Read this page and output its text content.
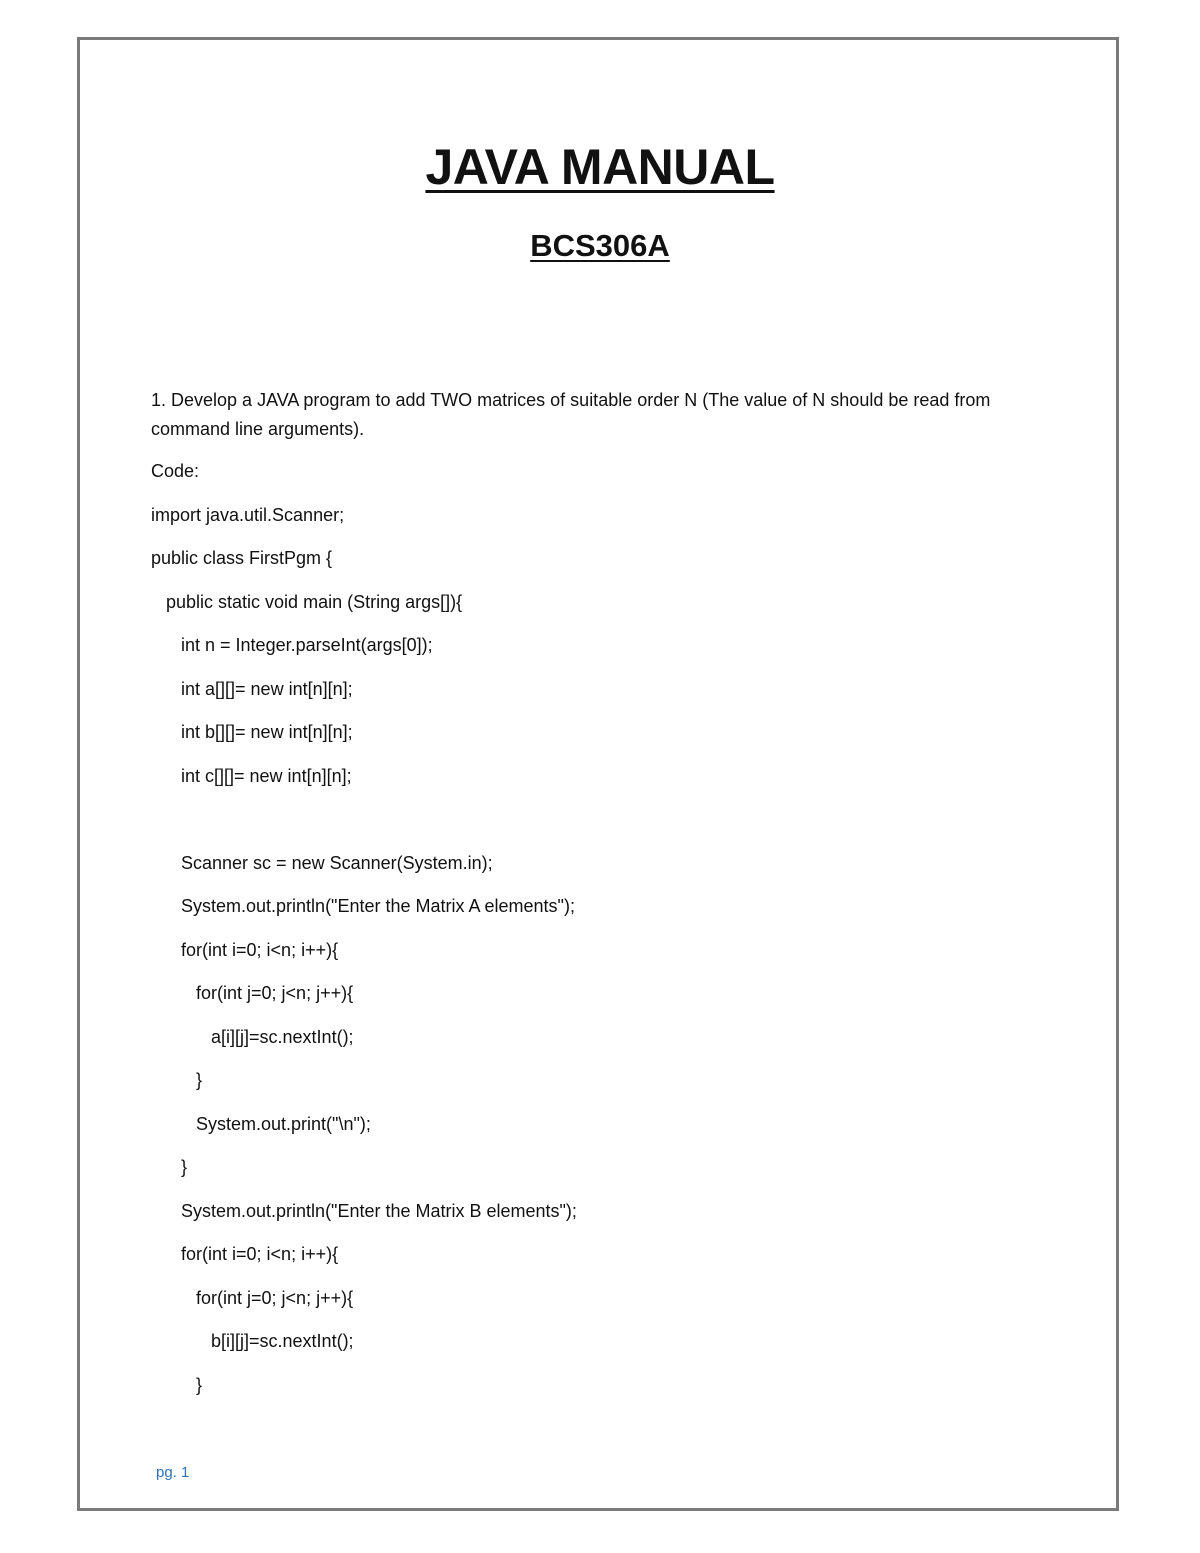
JAVA MANUAL
BCS306A
1. Develop a JAVA program to add TWO matrices of suitable order N (The value of N should be read from command line arguments).
Code:
import java.util.Scanner;
public class FirstPgm {
public static void main (String args[]){
int n = Integer.parseInt(args[0]);
int a[][]= new int[n][n];
int b[][]= new int[n][n];
int c[][]= new int[n][n];
Scanner sc = new Scanner(System.in);
System.out.println("Enter the Matrix A elements");
for(int i=0; i<n; i++){
for(int j=0; j<n; j++){
a[i][j]=sc.nextInt();
}
System.out.print("\n");
}
System.out.println("Enter the Matrix B elements");
for(int i=0; i<n; i++){
for(int j=0; j<n; j++){
b[i][j]=sc.nextInt();
}
pg. 1
